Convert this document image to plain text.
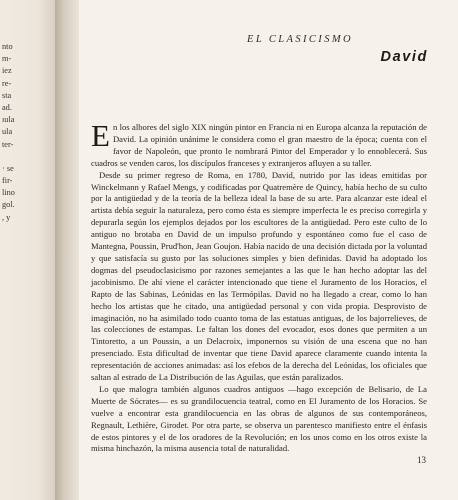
nto
m-
iez
re-
sta
ad.
ıula
ula
ter-
· se
fir-
lino
gol.
, y
EL CLASICISMO
David

En los albores del siglo XIX ningún pintor en Francia ni en Europa alcanza la reputación de David. La opinión unánime le considera como el gran maestro de la época; cuenta con el favor de Napoleón, que pronto le nombrará Pintor del Emperador y lo ennoblecerá. Sus cuadros se venden caros, los discípulos franceses y extranjeros afluyen a su taller.

Desde su primer regreso de Roma, en 1780, David, nutrido por las ideas emitidas por Winckelmann y Rafael Mengs, y codificadas por Quatremère de Quincy, había hecho de su culto por la antigüedad y de la teoría de la belleza ideal la base de su arte. Para alcanzar este ideal el artista debía seguir la naturaleza, pero como ésta es siempre imperfecta le es preciso corregirla y depurarla según los ejemplos dejados por los escultores de la antigüedad. Pero este culto de lo antiguo no brotaba en David de un impulso profundo y espontáneo como fue el caso de Mantegna, Poussin, Prud'hon, Jean Goujon. Había nacido de una decisión dictada por la voluntad y que satisfacía su gusto por las soluciones simples y bien definidas. David ha adoptado los dogmas del pseudoclasicismo por razones semejantes a las que le han hecho adoptar las del jacobinismo. De ahí viene el carácter intencionado que tiene el Juramento de los Horacios, el Rapto de las Sabinas, Leónidas en las Termópilas. David no ha llegado a crear, como lo han hecho los artistas que he citado, una antigüedad personal y con vida propia. Desprovisto de imaginación, no ha asimilado todo cuanto toma de las estatuas antiguas, de los bajorrelieves, de las colecciones de estampas. Le faltan los dones del evocador, esos dones que permiten a un Tintoretto, a un Poussin, a un Delacroix, imponernos su visión de una escena que no han presenciado. Esta dificultad de inventar que tiene David aparece claramente cuando intenta la representación de acciones animadas: así los efebos de la derecha del Leónidas, los oficiales que saltan al estrado de La Distribución de las Aguilas, que están paralizados.

Lo que malogra también algunos cuadros antiguos —hago excepción de Belisario, de La Muerte de Sócrates— es su grandilocuencia teatral, como en El Juramento de los Horacios. Se vuelve a encontrar esta grandilocuencia en las obras de algunos de sus contemporáneos, Regnault, Lethière, Girodet. Por otra parte, se observa un parentesco manifiesto entre el énfasis de estos pintores y el de los oradores de la Revolución; en los unos como en los otros existe la misma hinchazón, la misma ausencia total de naturalidad.

13
